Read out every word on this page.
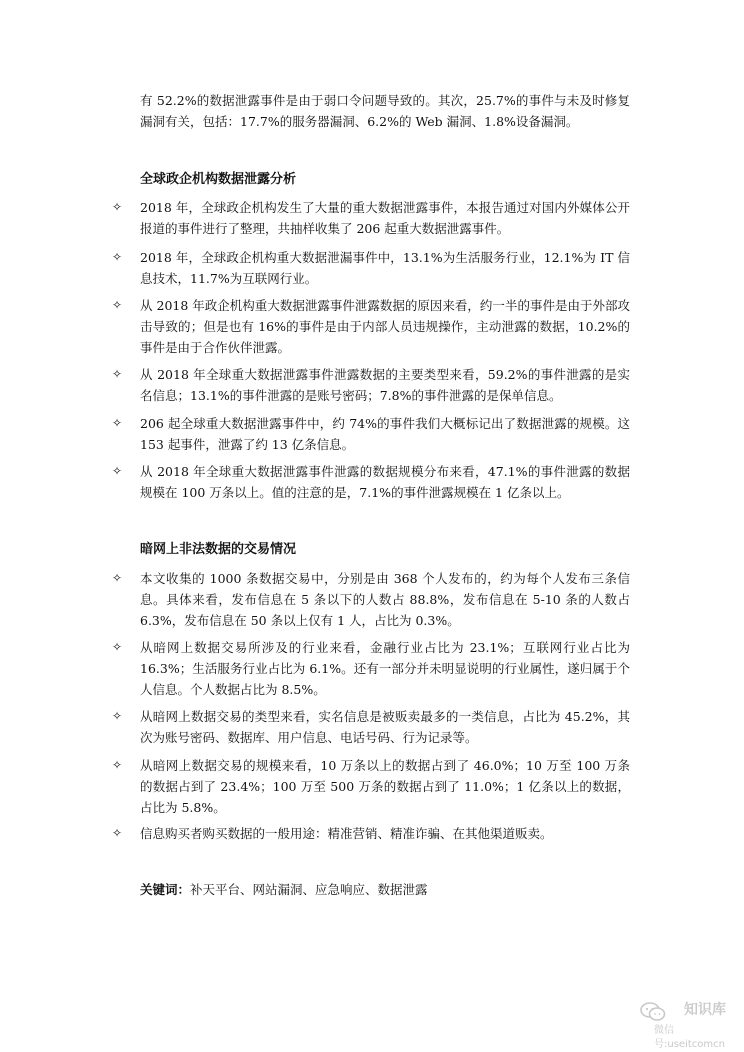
有 52.2%的数据泄露事件是由于弱口令问题导致的。其次，25.7%的事件与未及时修复漏洞有关，包括：17.7%的服务器漏洞、6.2%的 Web 漏洞、1.8%设备漏洞。
全球政企机构数据泄露分析
✧	2018 年，全球政企机构发生了大量的重大数据泄露事件，本报告通过对国内外媒体公开报道的事件进行了整理，共抽样收集了 206 起重大数据泄露事件。
✧	2018 年，全球政企机构重大数据泄漏事件中，13.1%为生活服务行业，12.1%为 IT 信息技术，11.7%为互联网行业。
✧	从 2018 年政企机构重大数据泄露事件泄露数据的原因来看，约一半的事件是由于外部攻击导致的；但是也有 16%的事件是由于内部人员违规操作，主动泄露的数据，10.2%的事件是由于合作伙伴泄露。
✧	从 2018 年全球重大数据泄露事件泄露数据的主要类型来看，59.2%的事件泄露的是实名信息；13.1%的事件泄露的是账号密码；7.8%的事件泄露的是保单信息。
✧	206 起全球重大数据泄露事件中，约 74%的事件我们大概标记出了数据泄露的规模。这 153 起事件，泄露了约 13 亿条信息。
✧	从 2018 年全球重大数据泄露事件泄露的数据规模分布来看，47.1%的事件泄露的数据规模在 100 万条以上。值的注意的是，7.1%的事件泄露规模在 1 亿条以上。
暗网上非法数据的交易情况
✧	本文收集的 1000 条数据交易中，分别是由 368 个人发布的，约为每个人发布三条信息。具体来看，发布信息在 5 条以下的人数占 88.8%，发布信息在 5-10 条的人数占 6.3%，发布信息在 50 条以上仅有 1 人，占比为 0.3%。
✧	从暗网上数据交易所涉及的行业来看，金融行业占比为 23.1%；互联网行业占比为 16.3%；生活服务行业占比为 6.1%。还有一部分并未明显说明的行业属性，遂归属于个人信息。个人数据占比为 8.5%。
✧	从暗网上数据交易的类型来看，实名信息是被贩卖最多的一类信息，占比为 45.2%，其次为账号密码、数据库、用户信息、电话号码、行为记录等。
✧	从暗网上数据交易的规模来看，10 万条以上的数据占到了 46.0%；10 万至 100 万条的数据占到了 23.4%；100 万至 500 万条的数据占到了 11.0%；1 亿条以上的数据，占比为 5.8%。
✧	信息购买者购买数据的一般用途：精准营销、精准诈骗、在其他渠道贩卖。
关键词：补天平台、网站漏洞、应急响应、数据泄露
知识库
微信号:useitcomcn
